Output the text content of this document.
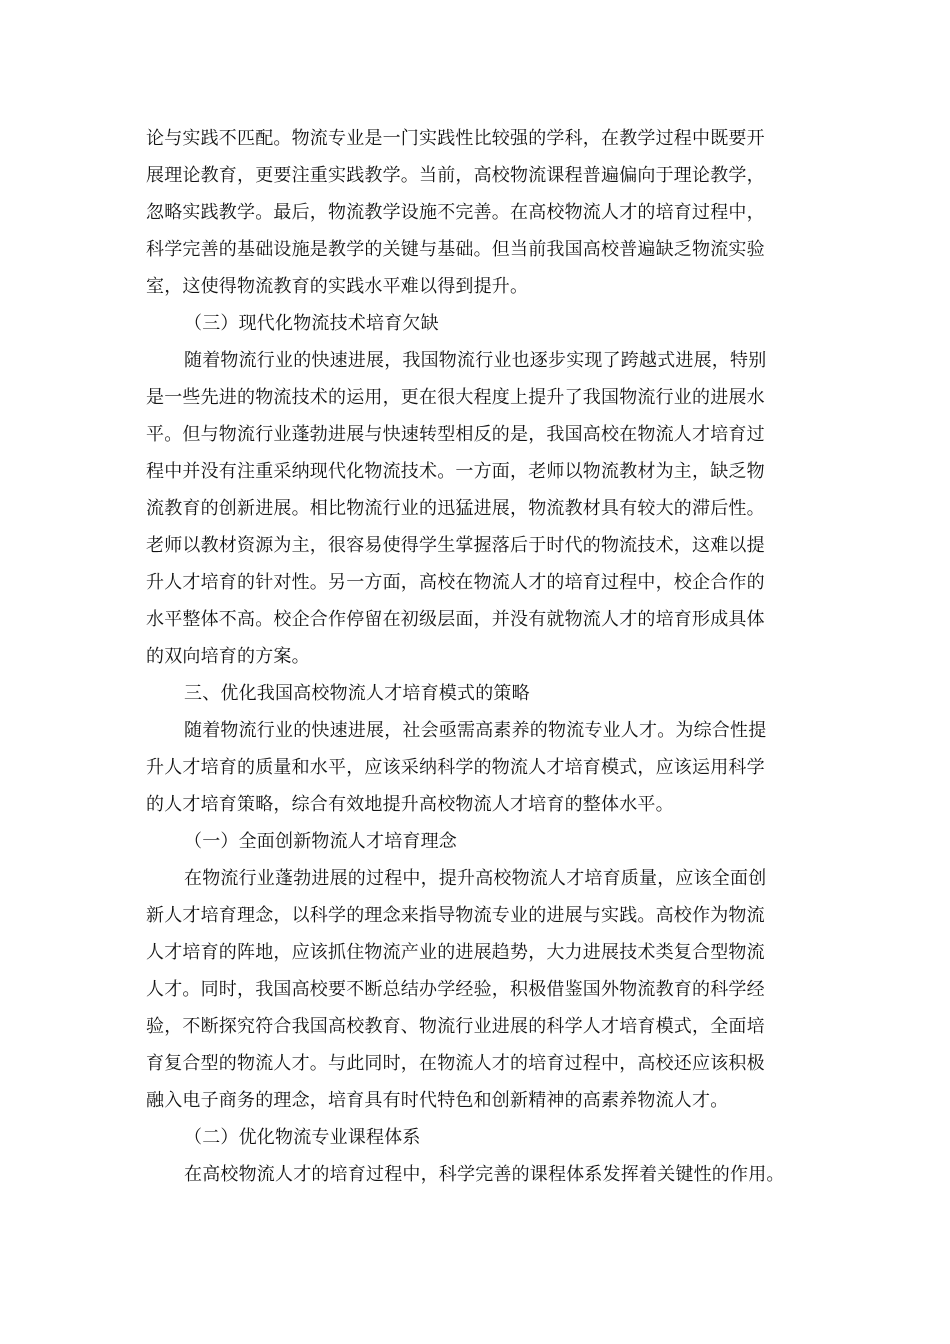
论与实践不匹配。物流专业是一门实践性比较强的学科，在教学过程中既要开
展理论教育，更要注重实践教学。当前，高校物流课程普遍偏向于理论教学，
忽略实践教学。最后，物流教学设施不完善。在高校物流人才的培育过程中，
科学完善的基础设施是教学的关键与基础。但当前我国高校普遍缺乏物流实验
室，这使得物流教育的实践水平难以得到提升。
（三）现代化物流技术培育欠缺
随着物流行业的快速进展，我国物流行业也逐步实现了跨越式进展，特别
是一些先进的物流技术的运用，更在很大程度上提升了我国物流行业的进展水
平。但与物流行业蓬勃进展与快速转型相反的是，我国高校在物流人才培育过
程中并没有注重采纳现代化物流技术。一方面，老师以物流教材为主，缺乏物
流教育的创新进展。相比物流行业的迅猛进展，物流教材具有较大的滞后性。
老师以教材资源为主，很容易使得学生掌握落后于时代的物流技术，这难以提
升人才培育的针对性。另一方面，高校在物流人才的培育过程中，校企合作的
水平整体不高。校企合作停留在初级层面，并没有就物流人才的培育形成具体
的双向培育的方案。
三、优化我国高校物流人才培育模式的策略
随着物流行业的快速进展，社会亟需高素养的物流专业人才。为综合性提
升人才培育的质量和水平，应该采纳科学的物流人才培育模式，应该运用科学
的人才培育策略，综合有效地提升高校物流人才培育的整体水平。
（一）全面创新物流人才培育理念
在物流行业蓬勃进展的过程中，提升高校物流人才培育质量，应该全面创
新人才培育理念，以科学的理念来指导物流专业的进展与实践。高校作为物流
人才培育的阵地，应该抓住物流产业的进展趋势，大力进展技术类复合型物流
人才。同时，我国高校要不断总结办学经验，积极借鉴国外物流教育的科学经
验，不断探究符合我国高校教育、物流行业进展的科学人才培育模式，全面培
育复合型的物流人才。与此同时，在物流人才的培育过程中，高校还应该积极
融入电子商务的理念，培育具有时代特色和创新精神的高素养物流人才。
（二）优化物流专业课程体系
在高校物流人才的培育过程中，科学完善的课程体系发挥着关键性的作用。
